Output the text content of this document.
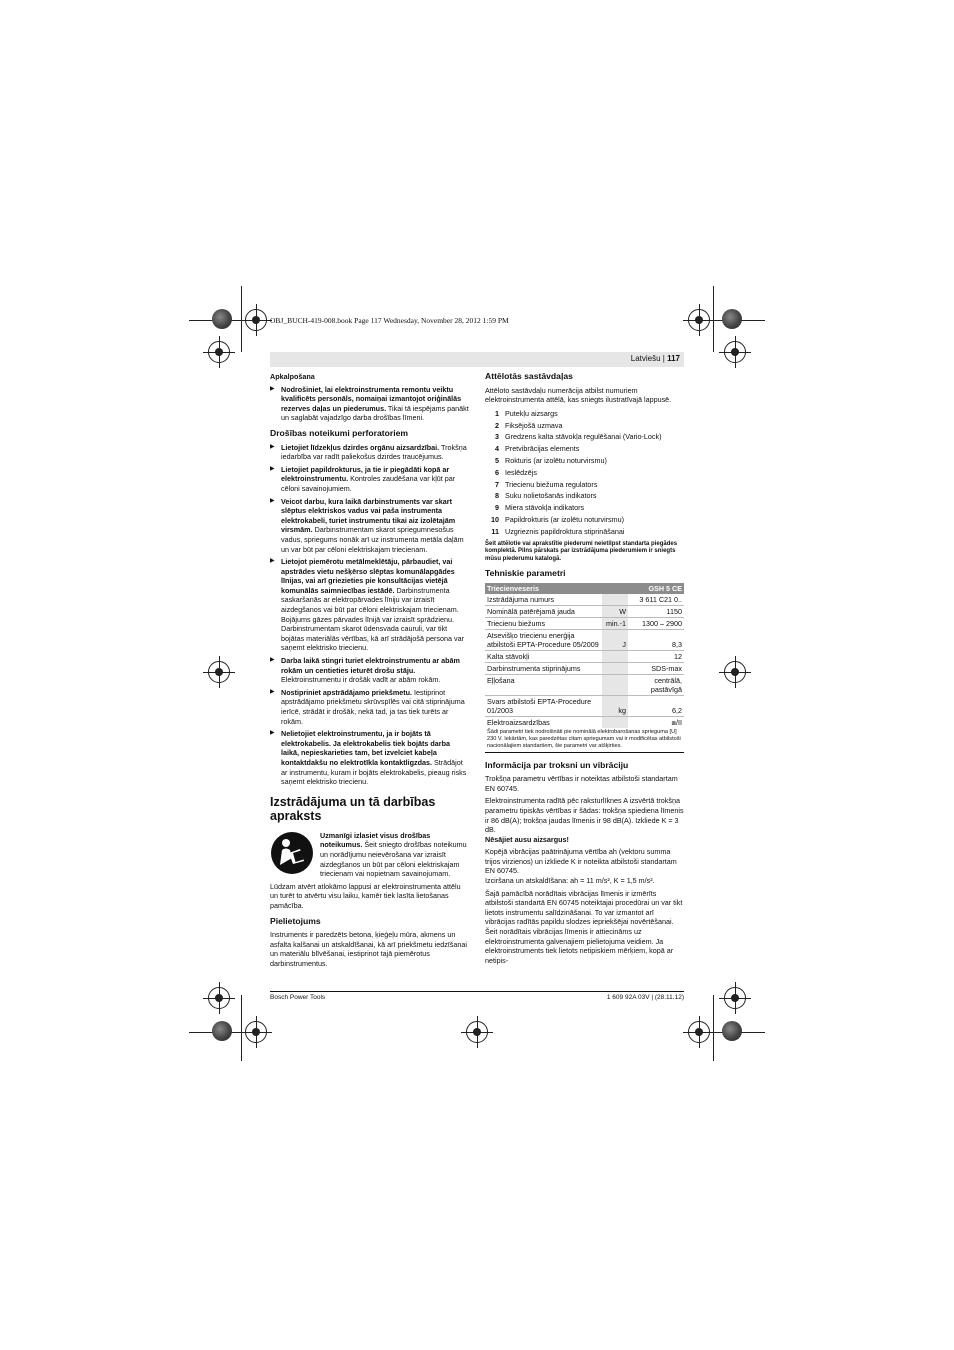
OBJ_BUCH-419-008.book Page 117 Wednesday, November 28, 2012 1:59 PM
Latviešu | 117
Apkalpošana
▶ Nodrošiniet, lai elektroinstrumenta remontu veiktu kvalificēts personāls, nomaiņai izmantojot oriģinālās rezerves daļas un piederumus. Tikai tā iespējams panākt un saglabāt vajadzīgo darba drošības līmeni.
Drošības noteikumi perforatoriem
▶ Lietojiet līdzekļus dzirdes orgānu aizsardzībai. Trokšņa iedarbība var radīt paliekošus dzirdes traucējumus.
▶ Lietojiet papildrokturus, ja tie ir piegādāti kopā ar elektroinstrumentu. Kontroles zaudēšana var kļūt par cēloni savainojumiem.
▶ Veicot darbu, kura laikā darbinstruments var skart slēptus elektriskos vadus vai paša instrumenta elektrokabeli, turiet instrumentu tikai aiz izolētajām virsmām. Darbinstrumentam skarot spriegumnesošus vadus, spriegums nonāk arī uz instrumenta metāla daļām un var būt par cēloni elektriskajam triecienam.
▶ Lietojot piemērotu metālmeklētāju, pārbaudiet, vai apstrādes vietu nešķērso slēptas komunālapgādes līnijas, vai arī griezieties pie konsultācijas vietējā komunālās saimniecības iestādē. Darbinstrumenta saskaršanās ar elektropārvades līniju var izraisīt aizdegšanos vai būt par cēloni elektriskajam triecienam. Bojājums gāzes pārvades līnijā var izraisīt sprādzienu. Darbinstrumentam skarot ūdensvada cauruli, var tikt bojātas materiālās vērtības, kā arī strādājošā persona var saņemt elektrisko triecienu.
▶ Darba laikā stingri turiet elektroinstrumentu ar abām rokām un centieties ieturēt drošu stāju. Elektroinstrumentu ir drošāk vadīt ar abām rokām.
▶ Nostipriniet apstrādājamo priekšmetu. Iestiprinot apstrādājamo priekšmetu skrūvspīlēs vai citā stiprinājuma ierīcē, strādāt ir drošāk, nekā tad, ja tas tiek turēts ar rokām.
▶ Nelietojiet elektroinstrumentu, ja ir bojāts tā elektrokabelis. Ja elektrokabelis tiek bojāts darba laikā, nepieskarieties tam, bet izvelciet kabeļa kontaktdakšu no elektrotīkla kontaktligzdas. Strādājot ar instrumentu, kuram ir bojāts elektrokabelis, pieaug risks saņemt elektrisko triecienu.
Izstrādājuma un tā darbības apraksts
Uzmanīgi izlasiet visus drošības noteikumus. Šeit sniegto drošības noteikumu un norādījumu neievērošana var izraisīt aizdegšanos un būt par cēloni elektriskajam triecienam vai nopietnam savainojumam.

Lūdzam atvērt atlokāmo lappusi ar elektroinstrumenta attēlu un turēt to atvērtu visu laiku, kamēr tiek lasīta lietošanas pamācība.

Pielietojums

Instruments ir paredzēts betona, ķieģeļu mūra, akmens un asfalta kalšanai un atskaldīšanai, kā arī priekšmetu iedzīšanai un materiālu blīvēšanai, iestiprinot tajā piemērotus darbinstrumentus.

Attēlotās sastāvdaļas

Attēloto sastāvdaļu numerācija atbilst numuriem elektroinstrumenta attēlā, kas sniegts ilustratīvajā lappusē.

1 Putekļu aizsargs
2 Fiksējošā uzmava
3 Gredzens kalta stāvokļa regulēšanai (Vario-Lock)
4 Pretvibrācijas elements
5 Rokturis (ar izolētu noturvirsmu)
6 Ieslēdzējs
7 Triecienu biežuma regulators
8 Suku nolietošanās indikators
9 Miera stāvokļa indikators
10 Papildrokturis (ar izolētu noturvirsmu)
11 Uzgrieznis papildroktura stiprināšanai
Šeit attēlotie vai aprakstītie piederumi neietilpst standarta piegādes komplektā. Pilns pārskats par izstrādājuma piederumiem ir sniegts mūsu piederumu katalogā.
Tehniskie parametri
Triecienveseris		GSH 5 CE
Izstrādājuma numurs		3 611 C21 0..
Nominālā patērējamā jauda	W	1150
Triecienu biežums	min.-1	1300 – 2900
Atsevišķo triecienu enerģija atbilstoši EPTA-Procedure 05/2009	J	8,3
Kalta stāvokļi		12
Darbinstrumenta stiprinājums		SDS-max
Eļļošana		centrālā, pastāvīgā
Svars atbilstoši EPTA-Procedure 01/2003	kg	6,2
Elektroaizsardzības		⧈/II
Šādi parametri tiek nodrošināti pie nominālā elektrobarošanas sprieguma [U] 230 V. Iekārtām, kas paredzētas citam spriegumam vai ir modificētas atbilstoši nacionālajiem standartiem, šie parametri var atšķirties.		
Informācija par troksni un vibrāciju

Trokšņa parametru vērtības ir noteiktas atbilstoši standartam EN 60745.

Elektroinstrumenta radītā pēc raksturlīknes A izsvērtā trokšņa parametru tipiskās vērtības ir šādas: trokšņa spiediena līmenis ir 86 dB(A); trokšņa jaudas līmenis ir 98 dB(A). Izkliede K = 3 dB.

Nēsājiet ausu aizsargus!

Kopējā vibrācijas paātrinājuma vērtība ah (vektoru summa trijos virzienos) un izkliede K ir noteikta atbilstoši standartam EN 60745.

Izciršana un atskaldīšana: ah = 11 m/s², K = 1,5 m/s².

Šajā pamācībā norādītais vibrācijas līmenis ir izmērīts atbilstoši standartā EN 60745 noteiktajai procedūrai un var tikt lietots instrumentu salīdzināšanai. To var izmantot arī vibrācijas radītās papildu slodzes iepriekšējai novērtēšanai.

Šeit norādītais vibrācijas līmenis ir attiecināms uz elektroinstrumenta galvenajiem pielietojuma veidiem. Ja elektroinstruments tiek lietots netipiskiem mērķiem, kopā ar netipis-

Bosch Power Tools	1 609 92A 03V | (28.11.12)
